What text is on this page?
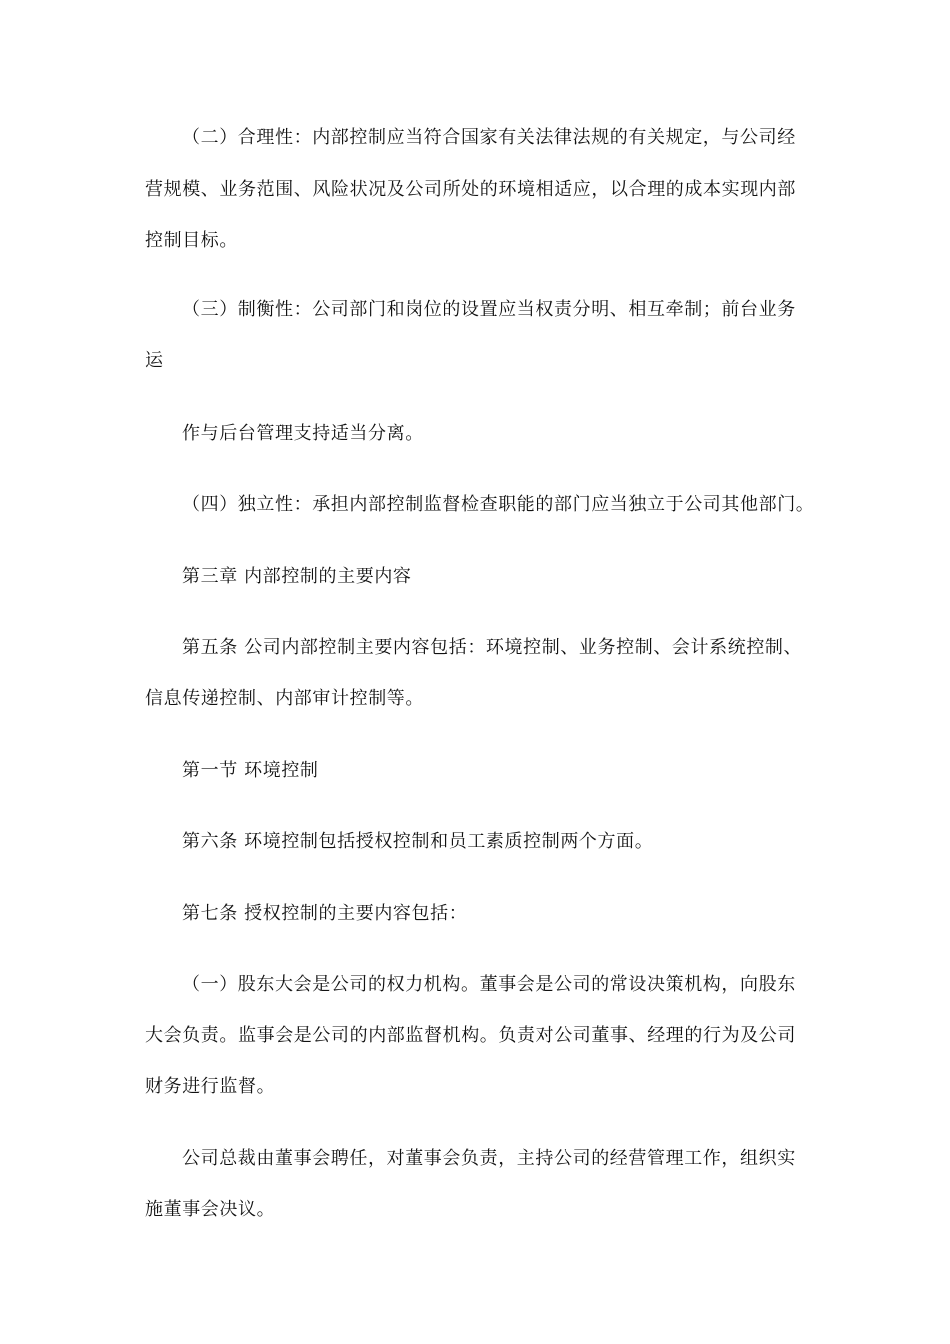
（二）合理性：内部控制应当符合国家有关法律法规的有关规定，与公司经
营规模、业务范围、风险状况及公司所处的环境相适应，以合理的成本实现内部
控制目标。
（三）制衡性：公司部门和岗位的设置应当权责分明、相互牵制；前台业务
运
作与后台管理支持适当分离。
（四）独立性：承担内部控制监督检查职能的部门应当独立于公司其他部门。
第三章 内部控制的主要内容
第五条 公司内部控制主要内容包括：环境控制、业务控制、会计系统控制、
信息传递控制、内部审计控制等。
第一节 环境控制
第六条 环境控制包括授权控制和员工素质控制两个方面。
第七条 授权控制的主要内容包括：
（一）股东大会是公司的权力机构。董事会是公司的常设决策机构，向股东
大会负责。监事会是公司的内部监督机构。负责对公司董事、经理的行为及公司
财务进行监督。
公司总裁由董事会聘任，对董事会负责，主持公司的经营管理工作，组织实
施董事会决议。
